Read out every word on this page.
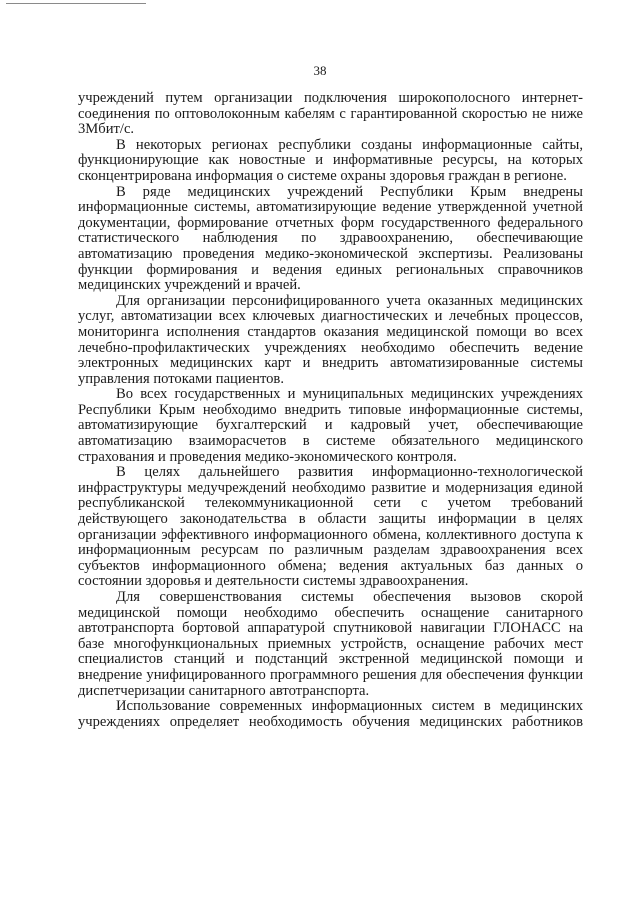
38

учреждений путем организации подключения широкополосного интернет-соединения по оптоволоконным кабелям с гарантированной скоростью не ниже 3Мбит/с.

В некоторых регионах республики созданы информационные сайты, функционирующие как новостные и информативные ресурсы, на которых сконцентрирована информация о системе охраны здоровья граждан в регионе.

В ряде медицинских учреждений Республики Крым внедрены информационные системы, автоматизирующие ведение утвержденной учетной документации, формирование отчетных форм государственного федерального статистического наблюдения по здравоохранению, обеспечивающие автоматизацию проведения медико-экономической экспертизы. Реализованы функции формирования и ведения единых региональных справочников медицинских учреждений и врачей.

Для организации персонифицированного учета оказанных медицинских услуг, автоматизации всех ключевых диагностических и лечебных процессов, мониторинга исполнения стандартов оказания медицинской помощи во всех лечебно-профилактических учреждениях необходимо обеспечить ведение электронных медицинских карт и внедрить автоматизированные системы управления потоками пациентов.

Во всех государственных и муниципальных медицинских учреждениях Республики Крым необходимо внедрить типовые информационные системы, автоматизирующие бухгалтерский и кадровый учет, обеспечивающие автоматизацию взаиморасчетов в системе обязательного медицинского страхования и проведения медико-экономического контроля.

В целях дальнейшего развития информационно-технологической инфраструктуры медучреждений необходимо развитие и модернизация единой республиканской телекоммуникационной сети с учетом требований действующего законодательства в области защиты информации в целях организации эффективного информационного обмена, коллективного доступа к информационным ресурсам по различным разделам здравоохранения всех субъектов информационного обмена; ведения актуальных баз данных о состоянии здоровья и деятельности системы здравоохранения.

Для совершенствования системы обеспечения вызовов скорой медицинской помощи необходимо обеспечить оснащение санитарного автотранспорта бортовой аппаратурой спутниковой навигации ГЛОНАСС на базе многофункциональных приемных устройств, оснащение рабочих мест специалистов станций и подстанций экстренной медицинской помощи и внедрение унифицированного программного решения для обеспечения функции диспетчеризации санитарного автотранспорта.

Использование современных информационных систем в медицинских учреждениях определяет необходимость обучения медицинских работников
